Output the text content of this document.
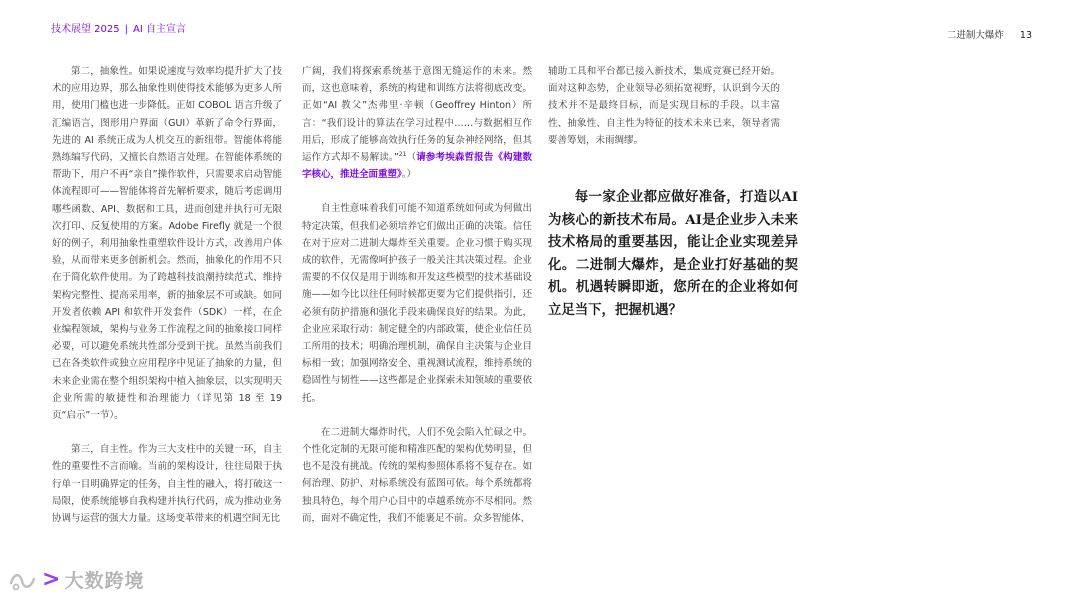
技术展望 2025 | AI 自主宣言
二进制大爆炸 13

第二，抽象性。如果说速度与效率均提升扩大了技术的应用边界，那么抽象性则使得技术能够为更多人所用，使用门槛也进一步降低。正如 COBOL 语言升级了汇编语言，图形用户界面（GUI）革新了命令行界面，先进的 AI 系统正成为人机交互的新纽带。智能体将能熟练编写代码，又擅长自然语言处理。在智能体系统的帮助下，用户不再“亲自”操作软件，只需要求启动智能体流程即可——智能体将首先解析要求，随后考虑调用哪些函数、API、数据和工具，进而创建并执行可无限次打印、反复使用的方案。Adobe Firefly 就是一个很好的例子，利用抽象性重塑软件设计方式，改善用户体验，从而带来更多创新机会。然而，抽象化的作用不只在于简化软件使用。为了跨越科技浪潮持续范式、维持架构完整性、提高采用率，新的抽象层不可或缺。如同开发者依赖 API 和软件开发套件（SDK）一样，在企业编程领域，架构与业务工作流程之间的抽象接口同样必要，可以避免系统共性部分受到干扰。虽然当前我们已在各类软件或独立应用程序中见证了抽象的力量，但未来企业需在整个组织架构中植入抽象层，以实现明天企业所需的敏捷性和治理能力（详见第 18 至 19 页“启示”一节）。

第三，自主性。作为三大支柱中的关键一环，自主性的重要性不言而喻。当前的架构设计，往往局限于执行单一目明确界定的任务，自主性的融入，将打破这一局限，使系统能够自我构建并执行代码，成为推动业务协调与运营的强大力量。这场变革带来的机遇空间无比

广阔，我们将探索系统基于意图无缝运作的未来。然而，这也意味着，系统的构建和训练方法将彻底改变。正如“AI 教父”杰弗里·辛顿（Geoffrey Hinton）所言：“我们设计的算法在学习过程中……与数据相互作用后，形成了能够高效执行任务的复杂神经网络，但其运作方式却不易解读。”$^{21}$（请参考埃森哲报告《构建数字核心，推进全面重塑》。）

自主性意味着我们可能不知道系统如何或为何做出特定决策，但我们必须培养它们做出正确的决策。信任在对于应对二进制大爆炸至关重要。企业习惯于购买现成的软件，无需像呵护孩子一般关注其决策过程。企业需要的不仅仅是用于训练和开发这些模型的技术基础设施——如今比以往任何时候都更要为它们提供指引，还必须有防护措施和强化手段来确保良好的结果。为此，企业应采取行动：制定健全的内部政策，使企业信任员工所用的技术；明确治理机制，确保自主决策与企业目标相一致；加强网络安全、重视测试流程，维持系统的稳固性与韧性——这些都是企业探索未知领域的重要依托。

在二进制大爆炸时代，人们不免会陷入忙碌之中。个性化定制的无限可能和精准匹配的架构优势明显，但也不是没有挑战。传统的架构参照体系将不复存在。如何治理、防护、对标系统没有蓝图可依。每个系统都将独具特色，每个用户心目中的卓越系统亦不尽相同。然而，面对不确定性，我们不能裹足不前。众多智能体、

辅助工具和平台都已接入新技术，集成竞赛已经开始。面对这种态势，企业领导必须拓宽视野，认识到今天的技术并不是最终目标，而是实现目标的手段。以丰富性、抽象性、自主性为特征的技术未来已来，领导者需要善筹划，未雨绸缪。

每一家企业都应做好准备，打造以AI为核心的新技术布局。AI是企业步入未来技术格局的重要基因，能让企业实现差异化。二进制大爆炸，是企业打好基础的契机。机遇转瞬即逝，您所在的企业将如何立足当下，把握机遇？
> 大数跨境
